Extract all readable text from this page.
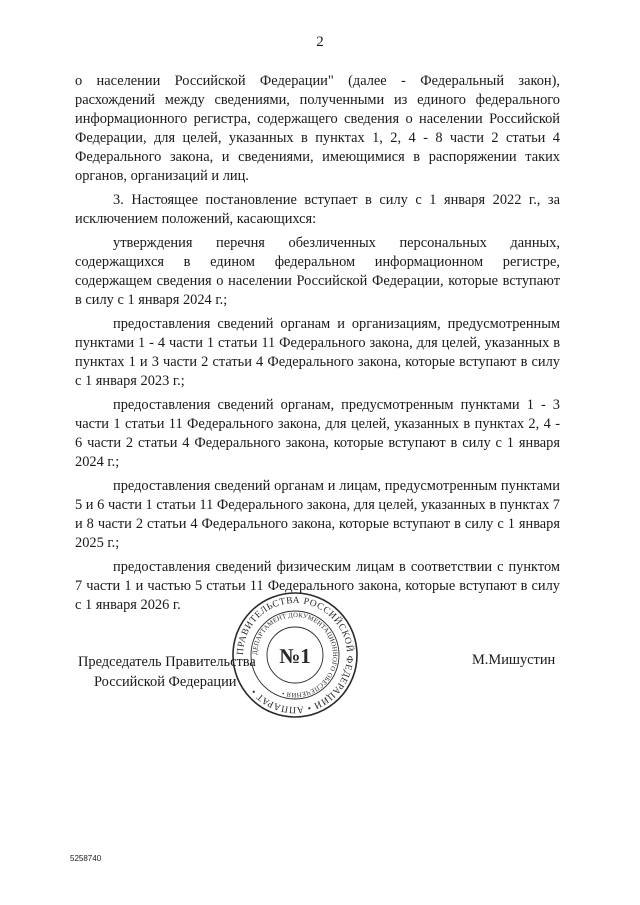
2

о населении Российской Федерации" (далее - Федеральный закон), расхождений между сведениями, полученными из единого федерального информационного регистра, содержащего сведения о населении Российской Федерации, для целей, указанных в пунктах 1, 2, 4 - 8 части 2 статьи 4 Федерального закона, и сведениями, имеющимися в распоряжении таких органов, организаций и лиц.

3. Настоящее постановление вступает в силу с 1 января 2022 г., за исключением положений, касающихся:

утверждения перечня обезличенных персональных данных, содержащихся в едином федеральном информационном регистре, содержащем сведения о населении Российской Федерации, которые вступают в силу с 1 января 2024 г.;

предоставления сведений органам и организациям, предусмотренным пунктами 1 - 4 части 1 статьи 11 Федерального закона, для целей, указанных в пунктах 1 и 3 части 2 статьи 4 Федерального закона, которые вступают в силу с 1 января 2023 г.;

предоставления сведений органам, предусмотренным пунктами 1 - 3 части 1 статьи 11 Федерального закона, для целей, указанных в пунктах 2, 4 - 6 части 2 статьи 4 Федерального закона, которые вступают в силу с 1 января 2024 г.;

предоставления сведений органам и лицам, предусмотренным пунктами 5 и 6 части 1 статьи 11 Федерального закона, для целей, указанных в пунктах 7 и 8 части 2 статьи 4 Федерального закона, которые вступают в силу с 1 января 2025 г.;

предоставления сведений физическим лицам в соответствии с пунктом 7 части 1 и частью 5 статьи 11 Федерального закона, которые вступают в силу с 1 января 2026 г.

Председатель Правительства
Российской Федерации
ПРАВИТЕЛЬСТВА РОССИЙСКОЙ ФЕДЕРАЦИИ • АППАРАТ •
ДЕПАРТАМЕНТ ДОКУМЕНТАЦИОННОГО ОБЕСПЕЧЕНИЯ •
№1	М.Мишустин
5258740
